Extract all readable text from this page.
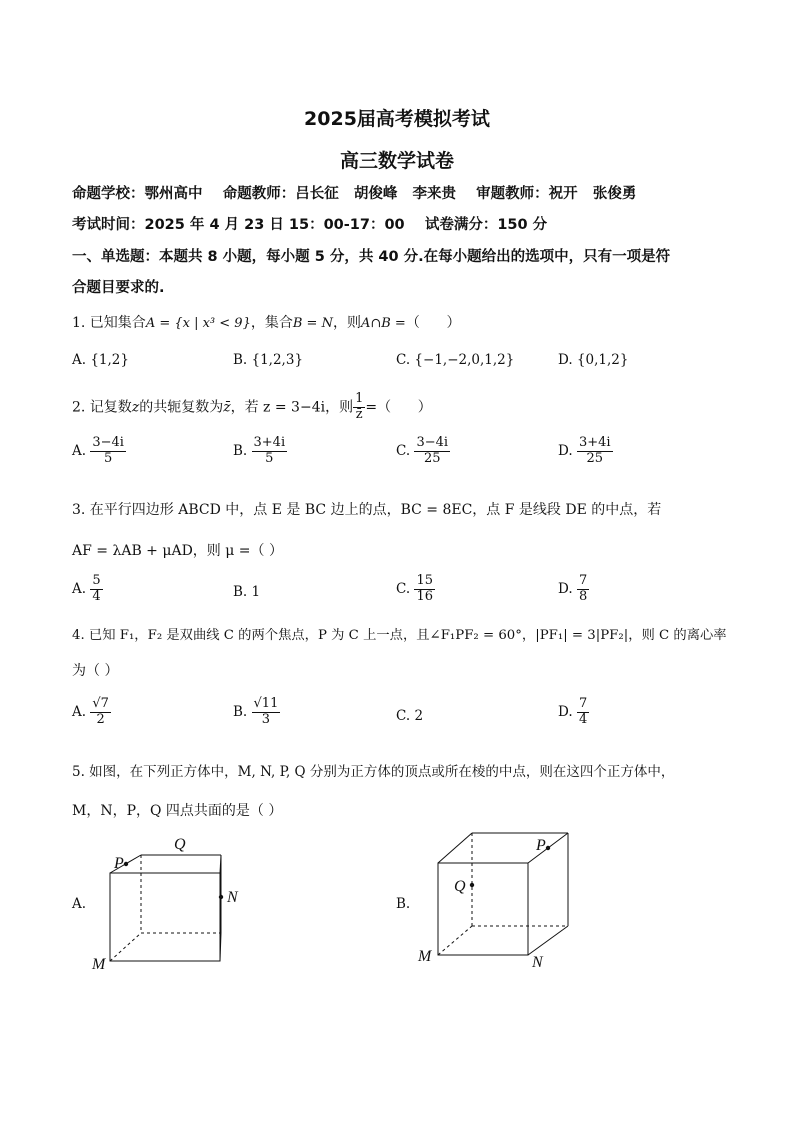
2025届高考模拟考试
高三数学试卷
命题学校：鄂州高中    命题教师：吕长征   胡俊峰   李来贵    审题教师：祝开   张俊勇
考试时间：2025 年 4 月 23 日 15：00-17：00    试卷满分：150 分
一、单选题：本题共 8 小题，每小题 5 分，共 40 分.在每小题给出的选项中，只有一项是符
合题目要求的.
1. 已知集合A = {x | x³ < 9}，集合B = N，则A∩B =（      ）
A. {1,2}	B. {1,2,3}	C. {−1,−2,0,1,2}	D. {0,1,2}
2. 记复数z的共轭复数为z̄，若 z = 3−4i，则 $\frac{1}{z̄}$ =（      ）
A. $\frac{3-4i}{5}$	B. $\frac{3+4i}{5}$	C. $\frac{3-4i}{25}$	D. $\frac{3+4i}{25}$
3. 在平行四边形 ABCD 中，点 E 是 BC 边上的点，BC = 8EC，点 F 是线段 DE 的中点，若
AF = λAB + μAD，则 μ =（ ）
A. $\frac{5}{4}$	B. 1	C. $\frac{15}{16}$	D. $\frac{7}{8}$
4. 已知 F₁，F₂ 是双曲线 C 的两个焦点，P 为 C 上一点，且∠F₁PF₂ = 60°，|PF₁| = 3|PF₂|，则 C 的离心率
为（ ）
A. $\frac{√7}{2}$	B. $\frac{√11}{3}$	C. 2	D. $\frac{7}{4}$
5. 如图，在下列正方体中，M, N, P, Q 分别为正方体的顶点或所在棱的中点，则在这四个正方体中，
M，N，P，Q 四点共面的是（ ）
A.
P
Q
N
M
B.
P
Q
M	N
